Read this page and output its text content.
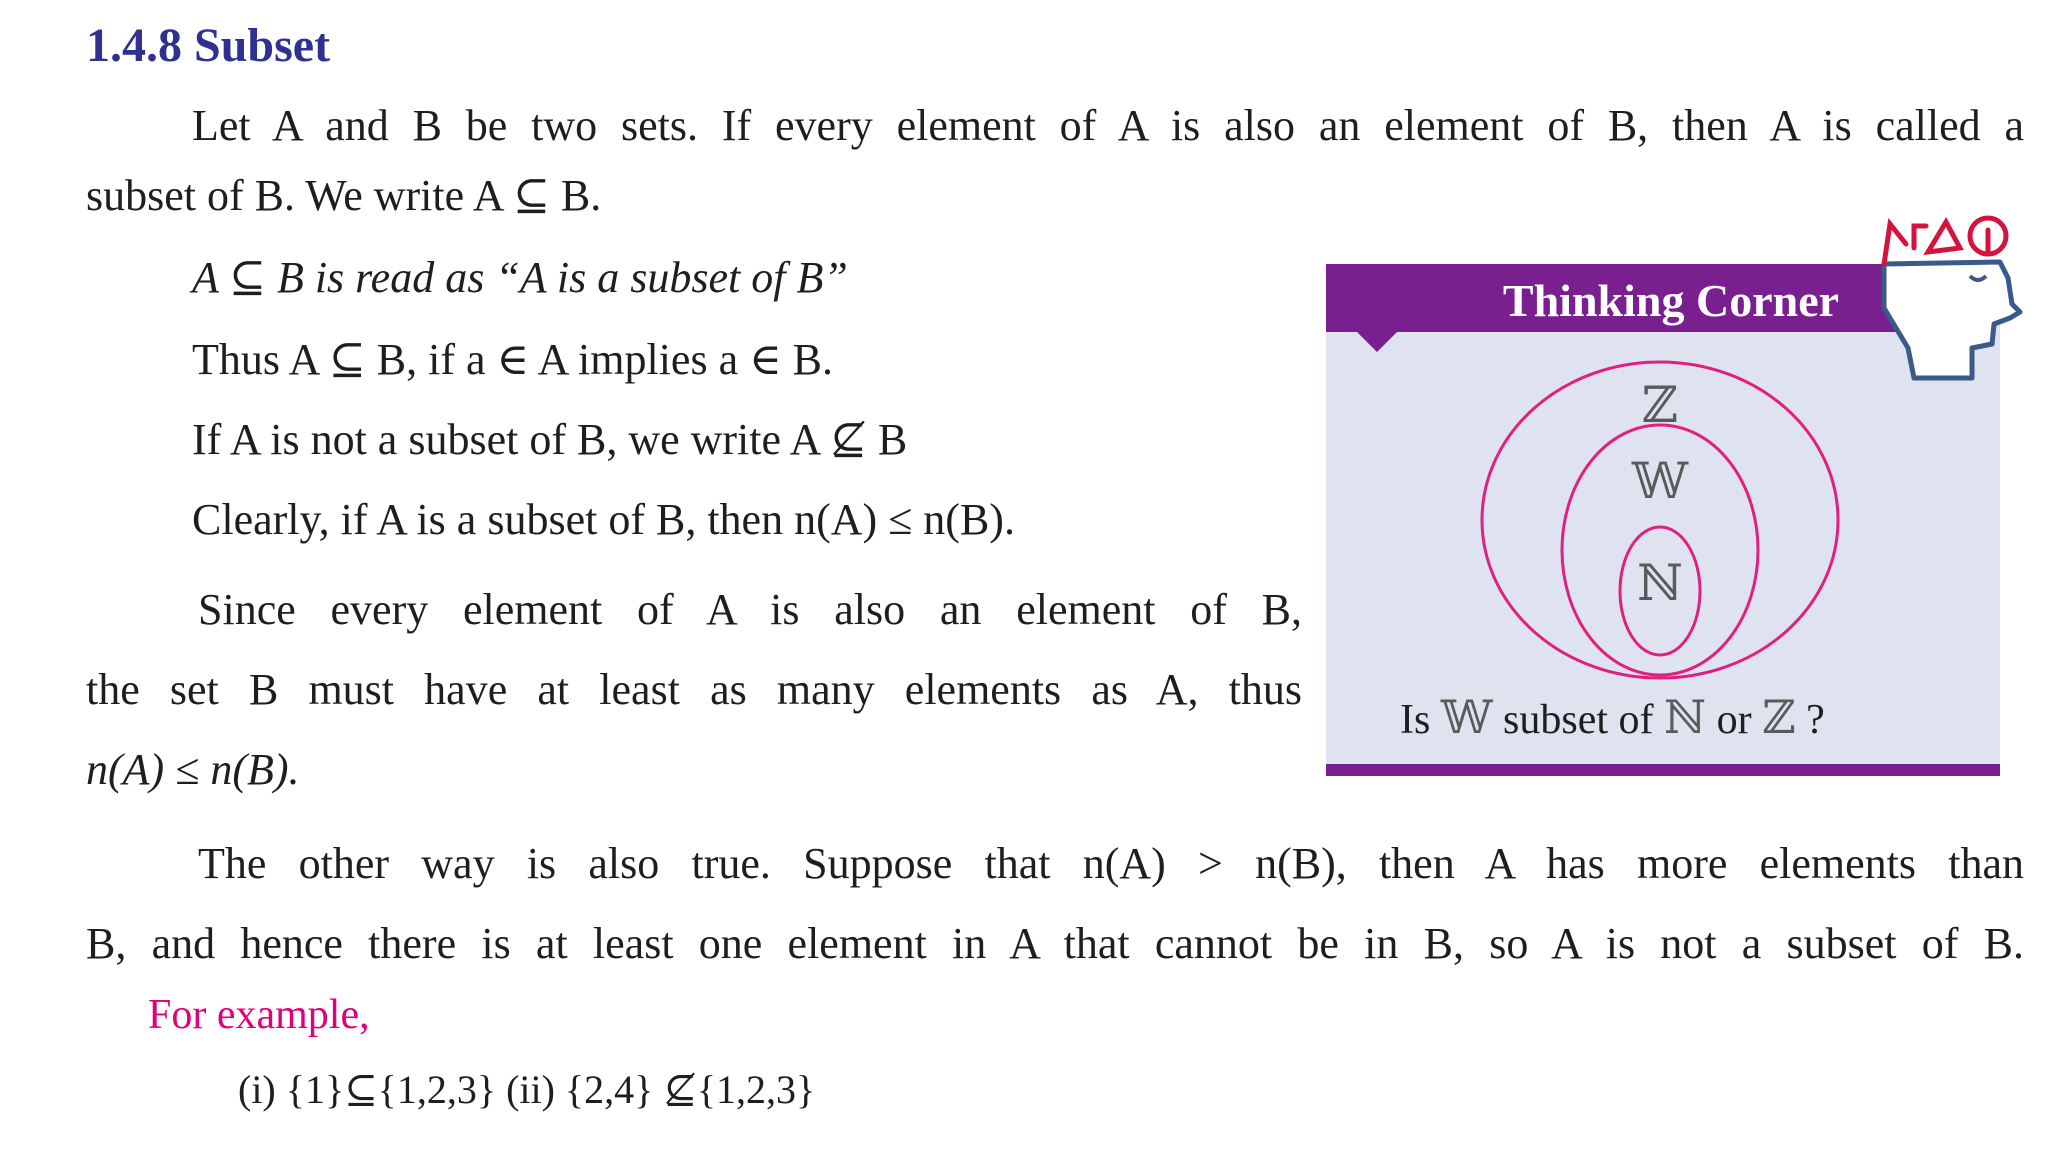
1.4.8 Subset
Let A and B be two sets. If every element of A is also an element of B, then A is called a
subset of B. We write A ⊆ B.
A ⊆ B is read as “A is a subset of B”
Thus A ⊆ B, if a ∈ A implies a ∈ B.
If A is not a subset of B, we write A ⊈ B
Clearly, if A is a subset of B, then n(A) ≤ n(B).
Since every element of A is also an element of B,
the set B must have at least as many elements as A, thus
n(A) ≤ n(B).
The other way is also true. Suppose that n(A) > n(B), then A has more elements than
B, and hence there is at least one element in A that cannot be in B, so A is not a subset of B.
For example,
(i) {1}⊆{1,2,3} (ii) {2,4} ⊈{1,2,3}
Thinking Corner
ℤ
𝕎
ℕ
Is 𝕎 subset of ℕ or ℤ ?
